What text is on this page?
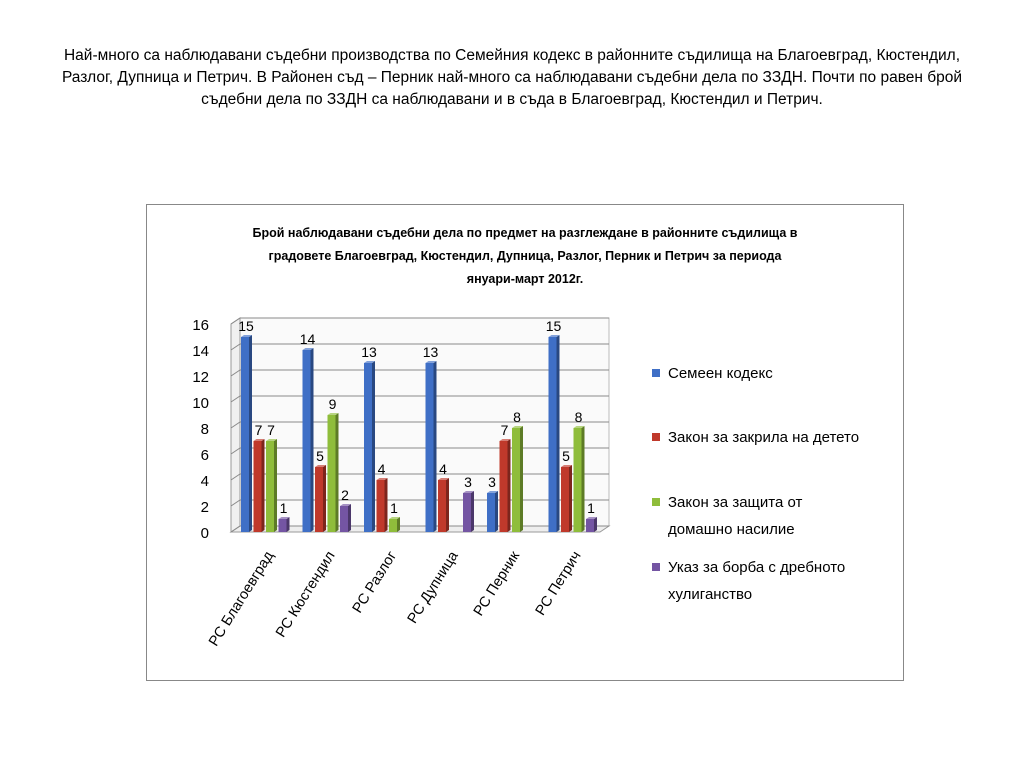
Най-много са наблюдавани съдебни производства по Семейния кодекс в районните съдилища на Благоевград, Кюстендил, Разлог, Дупница и Петрич. В Районен съд – Перник най-много са наблюдавани съдебни дела по ЗЗДН. Почти по равен брой съдебни дела по ЗЗДН са наблюдавани и в съда в Благоевград, Кюстендил и Петрич.

Брой наблюдавани съдебни дела по предмет на разглеждане в районните съдилища в
градовете Благоевград, Кюстендил, Дупница, Разлог, Перник и Петрич за периода
януари-март 2012г.
0
2
4
6
8
10
12
14
16 15
7 7
1
РС Благоевград
14
5
9
2
РС Кюстендил
13
4
1
РС Разлог
13
4
3
РС Дупница
3
7
8
РС Перник
15
5
8
1
РС Петрич
Семеен кодекс
Закон за закрила на детето
Закон за защита от
домашно насилие
Указ за борба с дребното
хулиганство
